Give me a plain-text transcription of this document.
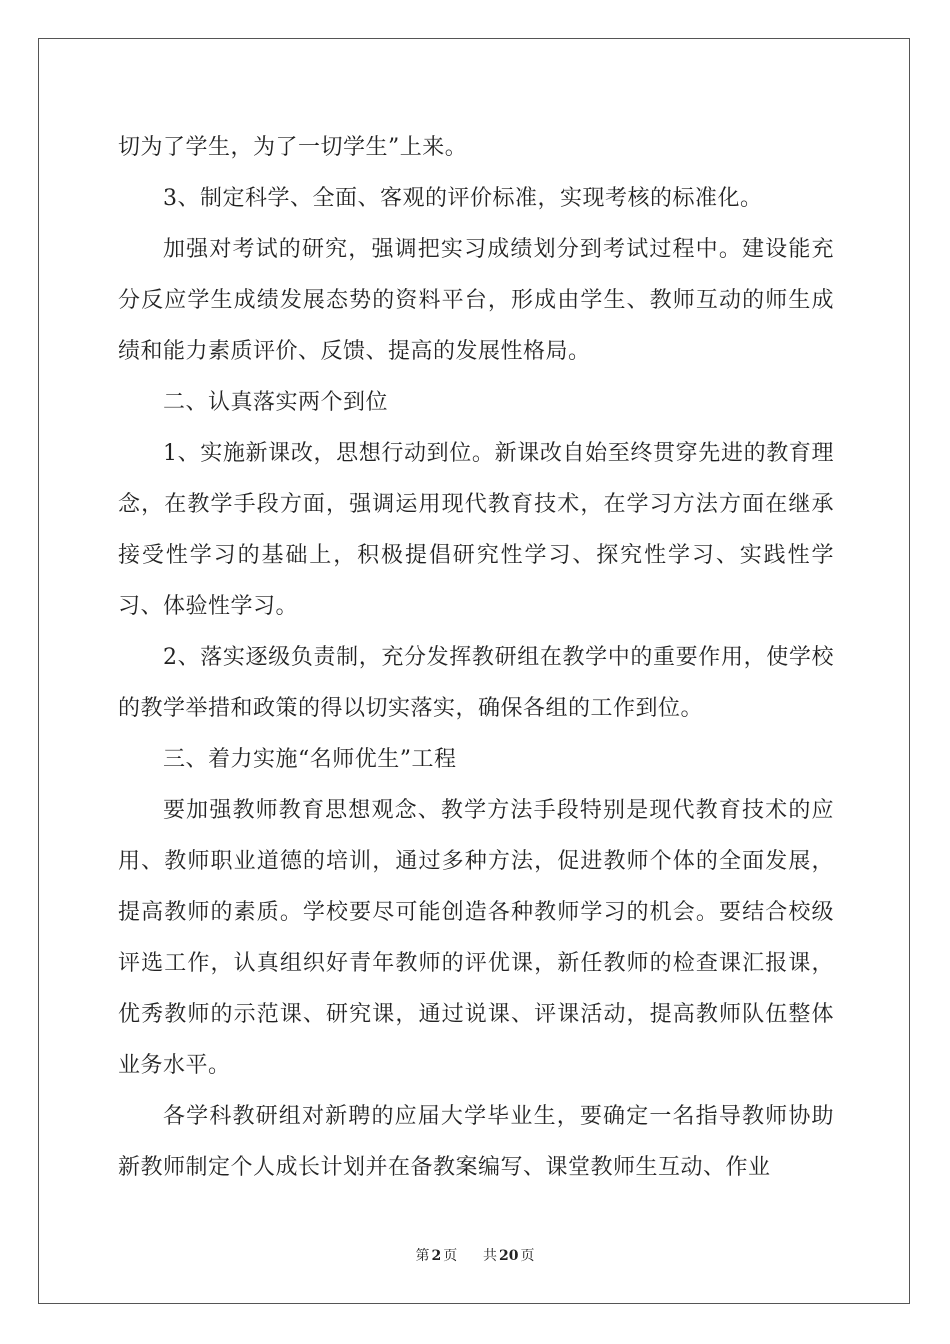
切为了学生，为了一切学生”上来。

3、制定科学、全面、客观的评价标准，实现考核的标准化。

加强对考试的研究，强调把实习成绩划分到考试过程中。建设能充分反应学生成绩发展态势的资料平台，形成由学生、教师互动的师生成绩和能力素质评价、反馈、提高的发展性格局。

二、认真落实两个到位

1、实施新课改，思想行动到位。新课改自始至终贯穿先进的教育理念，在教学手段方面，强调运用现代教育技术，在学习方法方面在继承接受性学习的基础上，积极提倡研究性学习、探究性学习、实践性学习、体验性学习。

2、落实逐级负责制，充分发挥教研组在教学中的重要作用，使学校的教学举措和政策的得以切实落实，确保各组的工作到位。

三、着力实施“名师优生”工程

要加强教师教育思想观念、教学方法手段特别是现代教育技术的应用、教师职业道德的培训，通过多种方法，促进教师个体的全面发展，提高教师的素质。学校要尽可能创造各种教师学习的机会。要结合校级评选工作，认真组织好青年教师的评优课，新任教师的检查课汇报课，优秀教师的示范课、研究课，通过说课、评课活动，提高教师队伍整体业务水平。

各学科教研组对新聘的应届大学毕业生，要确定一名指导教师协助新教师制定个人成长计划并在备教案编写、课堂教师生互动、作业

第 2 页 共 20 页
